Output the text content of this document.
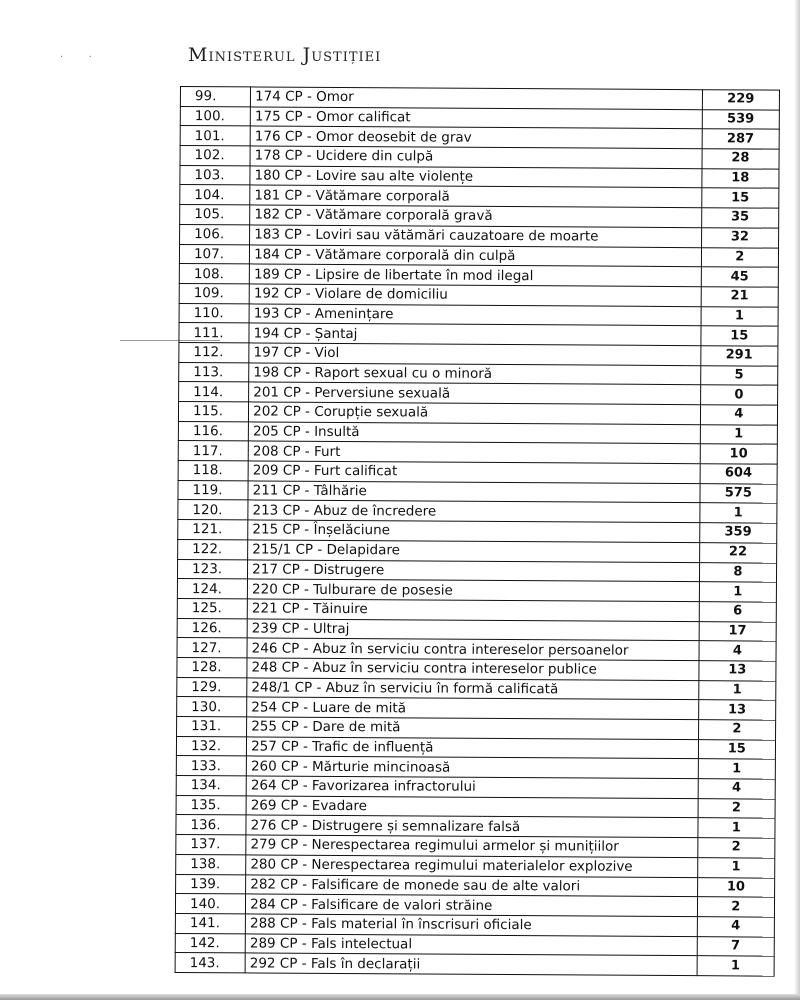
·        ·	Ministerul Justiției
99.	174 CP - Omor	229
100.	175 CP - Omor calificat	539
101.	176 CP - Omor deosebit de grav	287
102.	178 CP - Ucidere din culpă	28
103.	180 CP - Lovire sau alte violențe	18
104.	181 CP - Vătămare corporală	15
105.	182 CP - Vătămare corporală gravă	35
106.	183 CP - Loviri sau vătămări cauzatoare de moarte	32
107.	184 CP - Vătămare corporală din culpă	2
108.	189 CP - Lipsire de libertate în mod ilegal	45
109.	192 CP - Violare de domiciliu	21
110.	193 CP - Amenințare	1
111.	194 CP - Șantaj	15
112.	197 CP - Viol	291
113.	198 CP - Raport sexual cu o minoră	5
114.	201 CP - Perversiune sexuală	0
115.	202 CP - Corupție sexuală	4
116.	205 CP - Insultă	1
117.	208 CP - Furt	10
118.	209 CP - Furt calificat	604
119.	211 CP - Tâlhărie	575
120.	213 CP - Abuz de încredere	1
121.	215 CP - Înșelăciune	359
122.	215/1 CP - Delapidare	22
123.	217 CP - Distrugere	8
124.	220 CP - Tulburare de posesie	1
125.	221 CP - Tăinuire	6
126.	239 CP - Ultraj	17
127.	246 CP - Abuz în serviciu contra intereselor persoanelor	4
128.	248 CP - Abuz în serviciu contra intereselor publice	13
129.	248/1 CP - Abuz în serviciu în formă calificată	1
130.	254 CP - Luare de mită	13
131.	255 CP - Dare de mită	2
132.	257 CP - Trafic de influență	15
133.	260 CP - Mărturie mincinoasă	1
134.	264 CP - Favorizarea infractorului	4
135.	269 CP - Evadare	2
136.	276 CP - Distrugere și semnalizare falsă	1
137.	279 CP - Nerespectarea regimului armelor și munițiilor	2
138.	280 CP - Nerespectarea regimului materialelor explozive	1
139.	282 CP - Falsificare de monede sau de alte valori	10
140.	284 CP - Falsificare de valori străine	2
141.	288 CP - Fals material în înscrisuri oficiale	4
142.	289 CP - Fals intelectual	7
143.	292 CP - Fals în declarații	1
